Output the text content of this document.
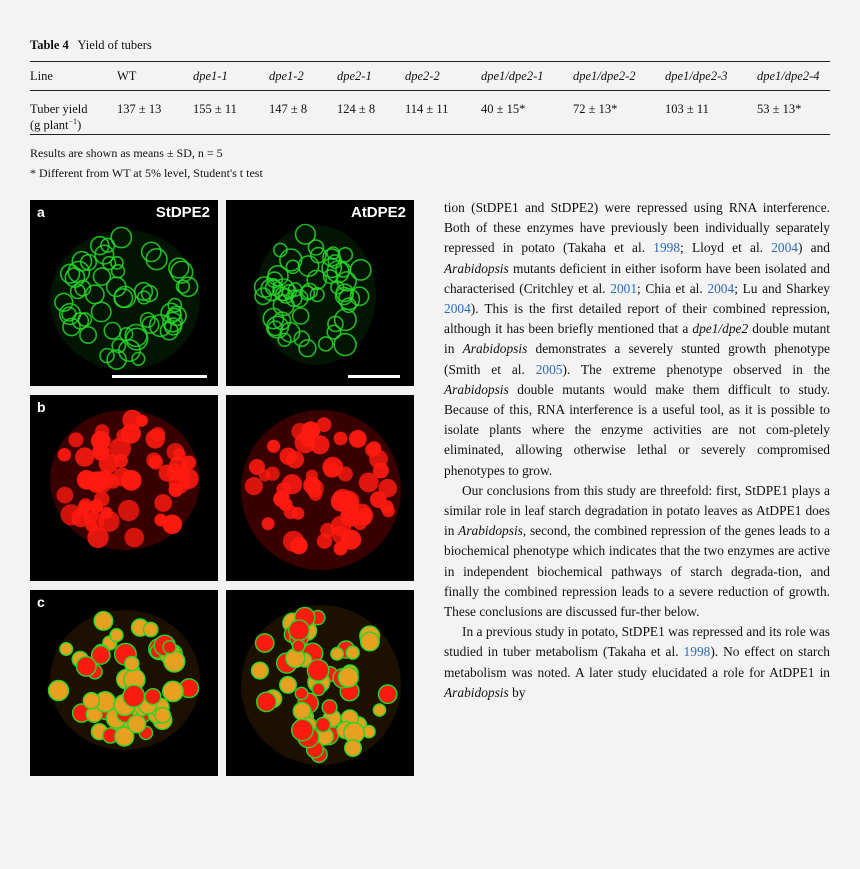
Table 4 Yield of tubers
Line	WT	dpe1-1	dpe1-2	dpe2-1	dpe2-2	dpe1/dpe2-1	dpe1/dpe2-2	dpe1/dpe2-3	dpe1/dpe2-4
Tuber yield
(g plant$^{-1}$)	137 ± 13	155 ± 11	147 ± 8	124 ± 8	114 ± 11	40 ± 15*	72 ± 13*	103 ± 11	53 ± 13*
Results are shown as means ± SD, n = 5
* Different from WT at 5% level, Student's t test
a	StDPE2	AtDPE2
b
c

tion (StDPE1 and StDPE2) were repressed using RNA interference. Both of these enzymes have previously been individually separately repressed in potato (Takaha et al. 1998; Lloyd et al. 2004) and Arabidopsis mutants deficient in either isoform have been isolated and characterised (Critchley et al. 2001; Chia et al. 2004; Lu and Sharkey 2004). This is the first detailed report of their combined repression, although it has been briefly mentioned that a dpe1/dpe2 double mutant in Arabidopsis demonstrates a severely stunted growth phenotype (Smith et al. 2005). The extreme phenotype observed in the Arabidopsis double mutants would make them difficult to study. Because of this, RNA interference is a useful tool, as it is possible to isolate plants where the enzyme activities are not com-pletely eliminated, allowing otherwise lethal or severely compromised phenotypes to grow.

Our conclusions from this study are threefold: first, StDPE1 plays a similar role in leaf starch degradation in potato leaves as AtDPE1 does in Arabidopsis, second, the combined repression of the genes leads to a biochemical phenotype which indicates that the two enzymes are active in independent biochemical pathways of starch degrada-tion, and finally the combined repression leads to a severe reduction of growth. These conclusions are discussed fur-ther below.

In a previous study in potato, StDPE1 was repressed and its role was studied in tuber metabolism (Takaha et al. 1998). No effect on starch metabolism was noted. A later study elucidated a role for AtDPE1 in Arabidopsis by
